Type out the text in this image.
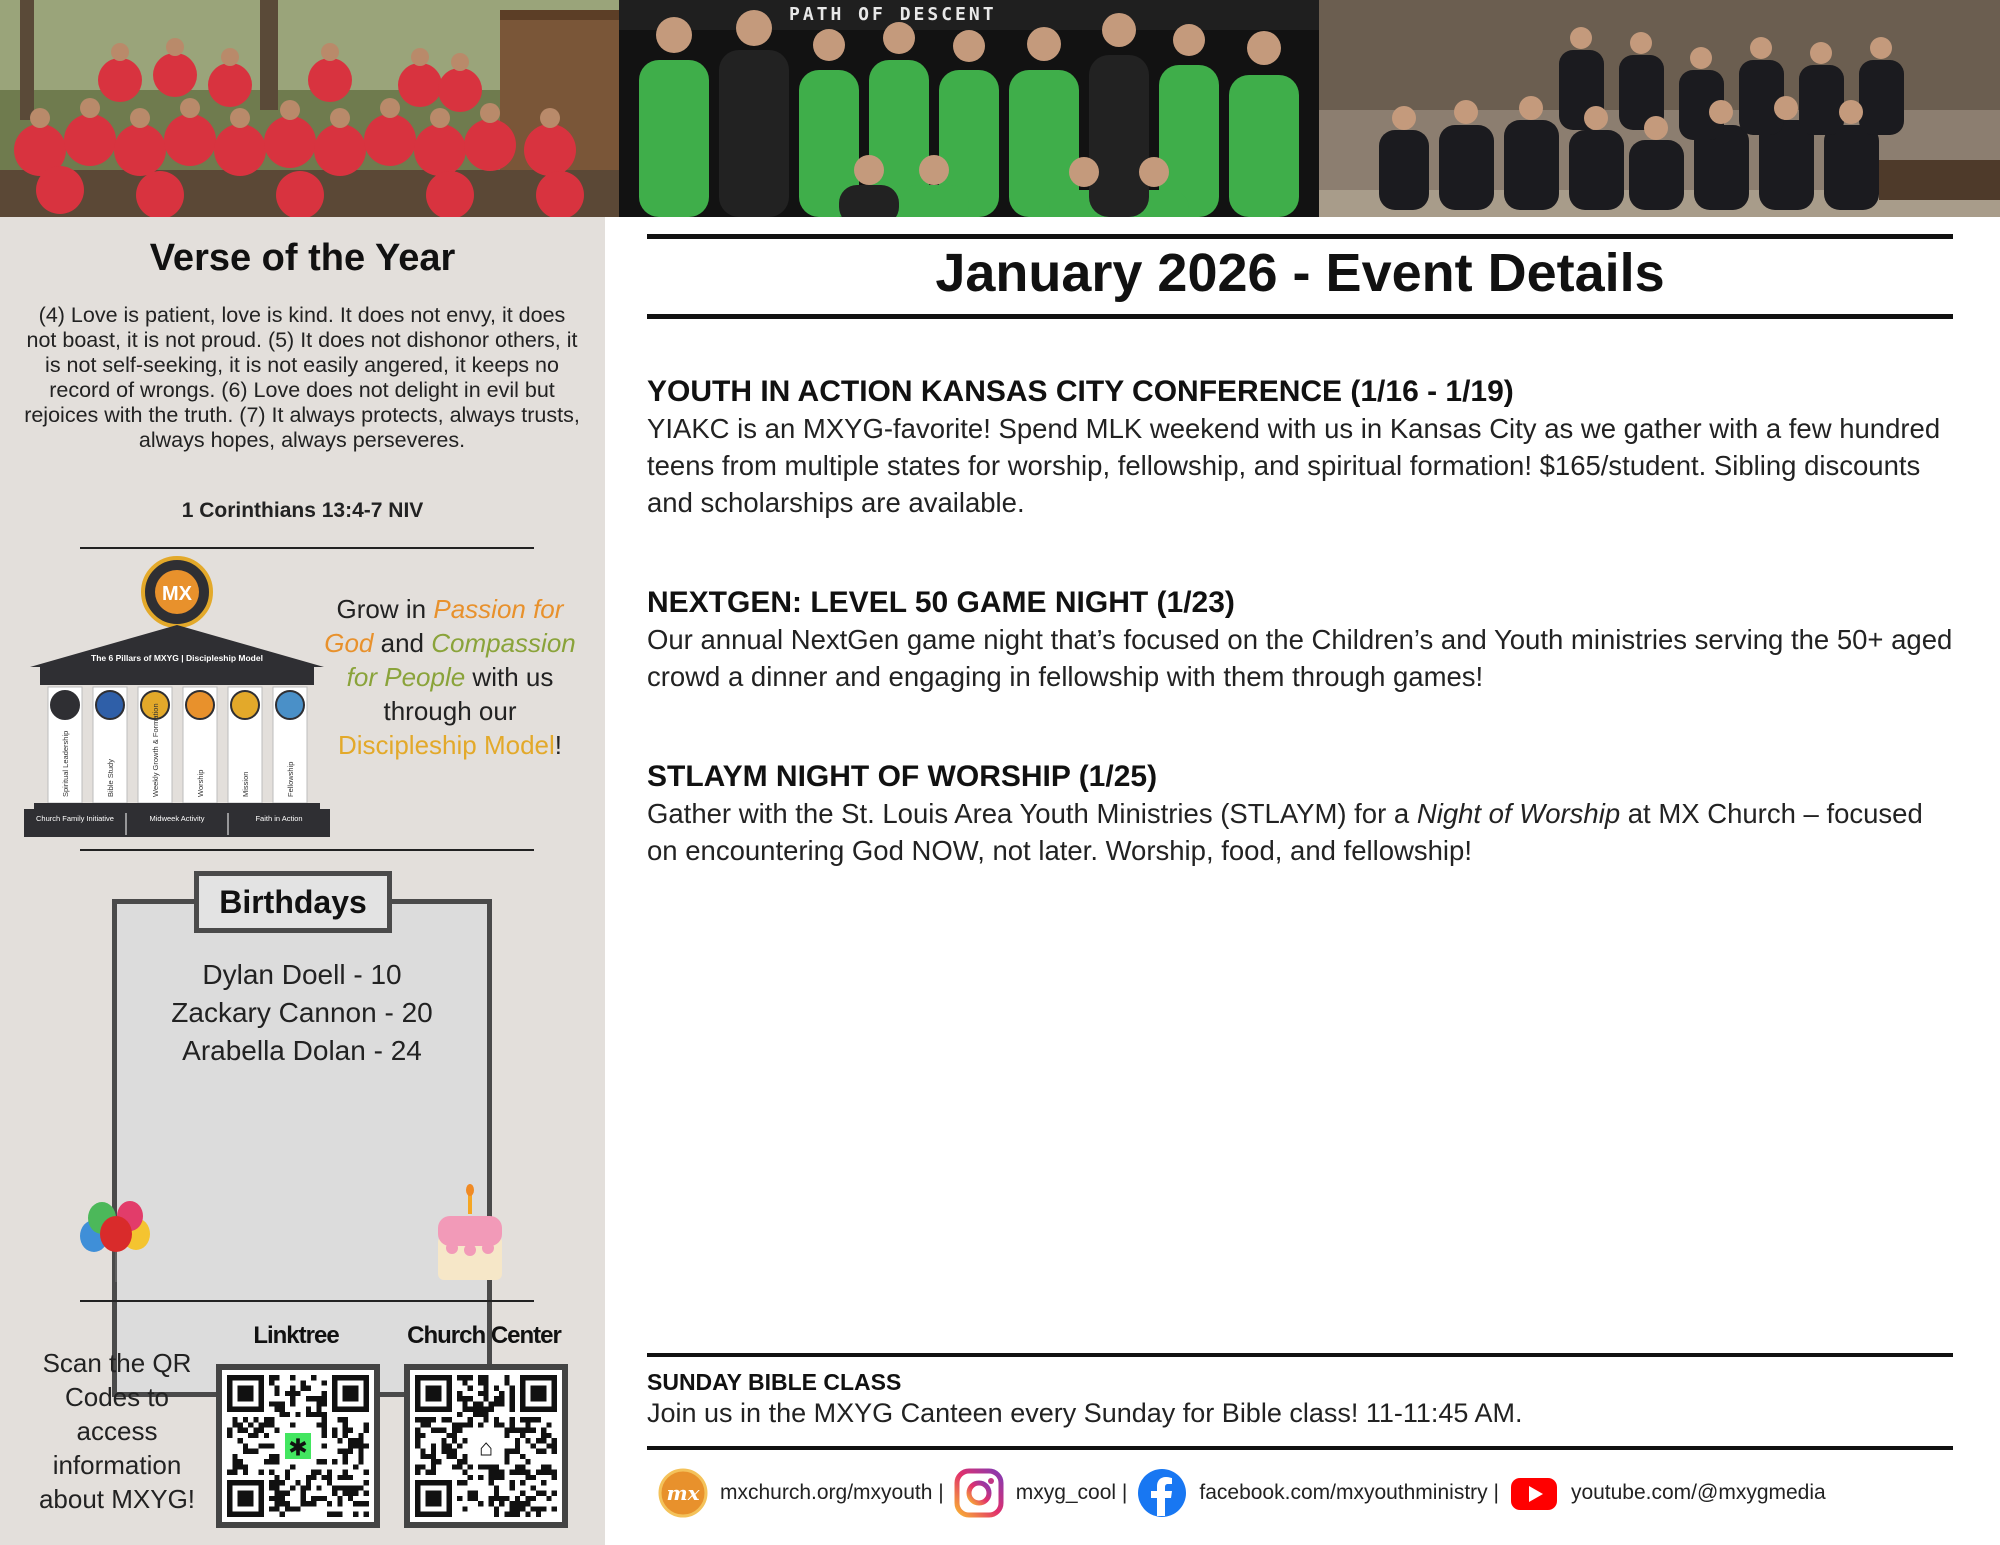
PATH OF DESCENT
Verse of the Year
(4) Love is patient, love is kind. It does not envy, it does not boast, it is not proud. (5) It does not dishonor others, it is not self-seeking, it is not easily angered, it keeps no record of wrongs. (6) Love does not delight in evil but rejoices with the truth. (7) It always protects, always trusts, always hopes, always perseveres.
1 Corinthians 13:4-7 NIV
MX
The 6 Pillars of MXYG | Discipleship Model
Spiritual Leadership	Bible Study	Weekly Growth & Formation	Worship	Mission	Fellowship
Church Family Initiative	Midweek Activity	Faith in Action
Grow in Passion for God and Compassion for People with us through our Discipleship Model!
Birthdays
Dylan Doell - 10
Zackary Cannon - 20
Arabella Dolan - 24
Scan the QR Codes to access information about MXYG!
Linktree	Church Center
✱	⌂
January 2026 - Event Details
YOUTH IN ACTION KANSAS CITY CONFERENCE (1/16 - 1/19)
YIAKC is an MXYG-favorite! Spend MLK weekend with us in Kansas City as we gather with a few hundred teens from multiple states for worship, fellowship, and spiritual formation! $165/student. Sibling discounts and scholarships are available.
NEXTGEN: LEVEL 50 GAME NIGHT (1/23)
Our annual NextGen game night that’s focused on the Children’s and Youth ministries serving the 50+ aged crowd a dinner and engaging in fellowship with them through games!
STLAYM NIGHT OF WORSHIP (1/25)
Gather with the St. Louis Area Youth Ministries (STLAYM) for a Night of Worship at MX Church – focused on encountering God NOW, not later. Worship, food, and fellowship!
SUNDAY BIBLE CLASS
Join us in the MXYG Canteen every Sunday for Bible class! 11-11:45 AM.
mx mxchurch.org/mxyouth |	mxyg_cool |	facebook.com/mxyouthministry |	youtube.com/@mxygmedia
